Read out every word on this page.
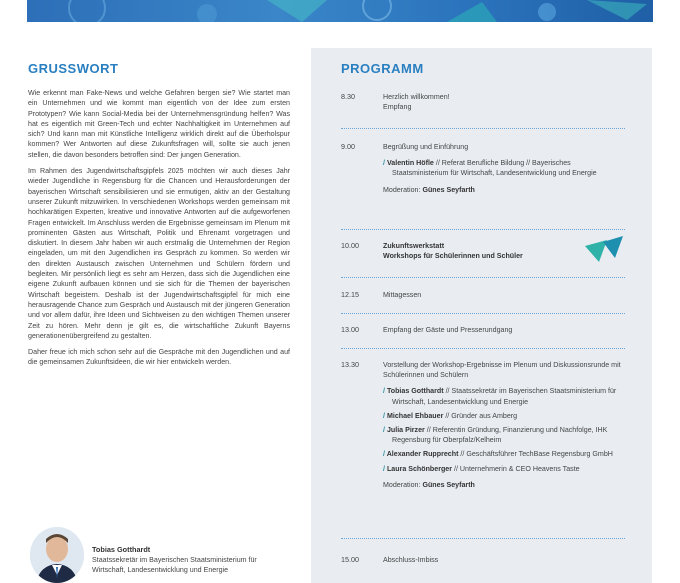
GRUSSWORT

Wie erkennt man Fake-News und welche Gefahren bergen sie? Wie startet man ein Unternehmen und wie kommt man eigentlich von der Idee zum ersten Prototypen? Wie kann Social-Media bei der Unternehmensgründung helfen? Was hat es eigentlich mit Green-Tech und echter Nachhaltigkeit im Unternehmen auf sich? Und kann man mit Künstliche Intelligenz wirklich direkt auf die Überholspur kommen? Wer Antworten auf diese Zukunftsfragen will, sollte sie auch jenen stellen, die davon besonders betroffen sind: Der jungen Generation.

Im Rahmen des Jugendwirtschaftsgipfels 2025 möchten wir auch dieses Jahr wieder Jugendliche in Regensburg für die Chancen und Herausforderungen der bayerischen Wirtschaft sensibilisieren und sie ermutigen, aktiv an der Gestaltung unserer Zukunft mitzuwirken. In verschiedenen Workshops werden gemeinsam mit hochkarätigen Experten, kreative und innovative Antworten auf die aufgeworfenen Fragen entwickelt. Im Anschluss werden die Ergebnisse gemeinsam im Plenum mit prominenten Gästen aus Wirtschaft, Politik und Ehrenamt vorgetragen und diskutiert. In diesem Jahr haben wir auch erstmalig die Unternehmen der Region eingeladen, um mit den Jugendlichen ins Gespräch zu kommen. So werden wir den direkten Austausch zwischen Unternehmen und Schülern fördern und begleiten. Mir persönlich liegt es sehr am Herzen, dass sich die Jugendlichen eine eigene Zukunft aufbauen können und sie sich für die Themen der bayerischen Wirtschaft begeistern. Deshalb ist der Jugendwirtschaftsgipfel für mich eine herausragende Chance zum Gespräch und Austausch mit der jüngeren Generation und vor allem dafür, ihre Ideen und Sichtweisen zu den wichtigen Themen unserer Zeit zu hören. Mehr denn je gilt es, die wirtschaftliche Zukunft Bayerns generationenübergreifend zu gestalten.

Daher freue ich mich schon sehr auf die Gespräche mit den Jugendlichen und auf die gemeinsamen Zukunftsideen, die wir hier entwickeln werden.

Tobias Gotthardt
Staatssekretär im Bayerischen Staatsministerium für Wirtschaft, Landesentwicklung und Energie
PROGRAMM
8.30	Herzlich willkommen!
Empfang
9.00	Begrüßung und Einführung
/ Valentin Höfle // Referat Berufliche Bildung // Bayerisches Staatsministerium für Wirtschaft, Landesentwicklung und Energie
Moderation: Günes Seyfarth
10.00	Zukunftswerkstatt
Workshops für Schülerinnen und Schüler
12.15	Mittagessen
13.00	Empfang der Gäste und Presserundgang
13.30	Vorstellung der Workshop-Ergebnisse im Plenum und Diskussionsrunde mit Schülerinnen und Schülern
/ Tobias Gotthardt // Staatssekretär im Bayerischen Staatsministerium für Wirtschaft, Landesentwicklung und Energie
/ Michael Ehbauer // Gründer aus Amberg
/ Julia Pirzer // Referentin Gründung, Finanzierung und Nachfolge, IHK Regensburg für Oberpfalz/Kelheim
/ Alexander Rupprecht // Geschäftsführer TechBase Regensburg GmbH
/ Laura Schönberger // Unternehmerin & CEO Heavens Taste
Moderation: Günes Seyfarth
15.00	Abschluss-Imbiss
